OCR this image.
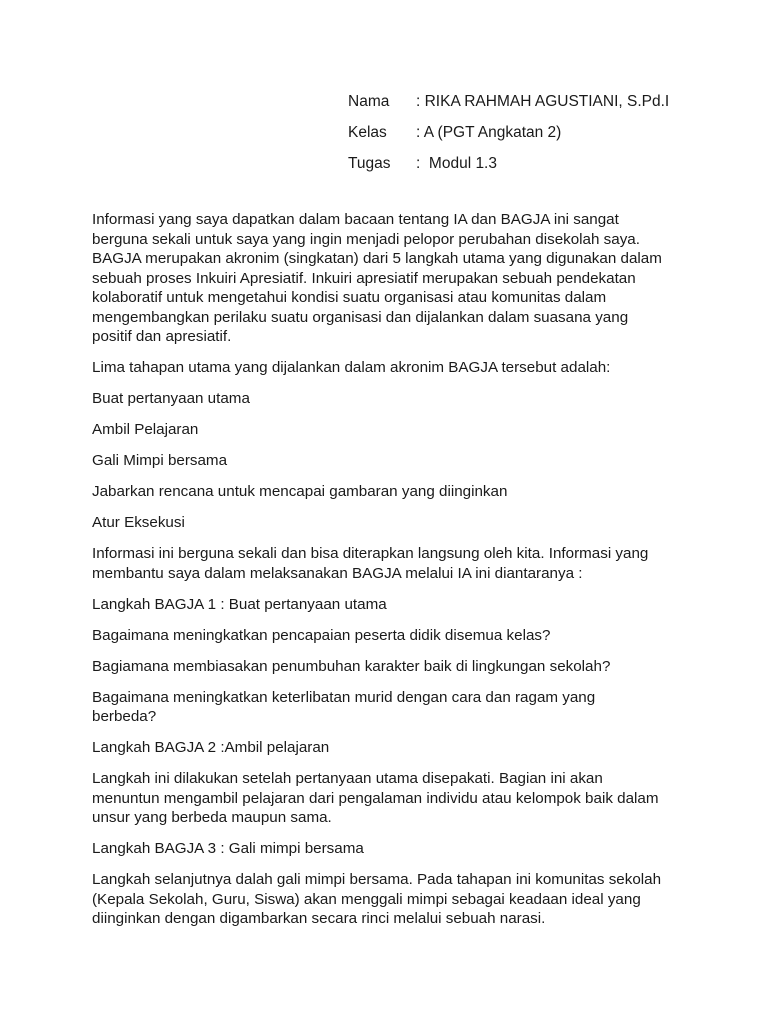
Nama	: RIKA RAHMAH AGUSTIANI, S.Pd.I
Kelas	: A (PGT Angkatan 2)
Tugas	:  Modul 1.3
Informasi yang saya dapatkan dalam bacaan tentang IA dan BAGJA ini sangat
berguna sekali untuk saya yang ingin menjadi pelopor perubahan disekolah saya.
BAGJA merupakan akronim (singkatan) dari 5 langkah utama yang digunakan dalam
sebuah proses Inkuiri Apresiatif. Inkuiri apresiatif merupakan sebuah pendekatan
kolaboratif untuk mengetahui kondisi suatu organisasi atau komunitas dalam
mengembangkan perilaku suatu organisasi dan dijalankan dalam suasana yang
positif dan apresiatif.
Lima tahapan utama yang dijalankan dalam akronim BAGJA tersebut adalah:
Buat pertanyaan utama
Ambil Pelajaran
Gali Mimpi bersama
Jabarkan rencana untuk mencapai gambaran yang diinginkan
Atur Eksekusi
Informasi ini berguna sekali dan bisa diterapkan langsung oleh kita. Informasi yang
membantu saya dalam melaksanakan BAGJA melalui IA ini diantaranya :
Langkah BAGJA 1 : Buat pertanyaan utama
Bagaimana meningkatkan pencapaian peserta didik disemua kelas?
Bagiamana membiasakan penumbuhan karakter baik di lingkungan sekolah?
Bagaimana meningkatkan keterlibatan murid dengan cara dan ragam yang
berbeda?
Langkah BAGJA 2 :Ambil pelajaran
Langkah ini dilakukan setelah pertanyaan utama disepakati. Bagian ini akan
menuntun mengambil pelajaran dari pengalaman individu atau kelompok baik dalam
unsur yang berbeda maupun sama.
Langkah BAGJA 3 : Gali mimpi bersama
Langkah selanjutnya dalah gali mimpi bersama. Pada tahapan ini komunitas sekolah
(Kepala Sekolah, Guru, Siswa) akan menggali mimpi sebagai keadaan ideal yang
diinginkan dengan digambarkan secara rinci melalui sebuah narasi.
